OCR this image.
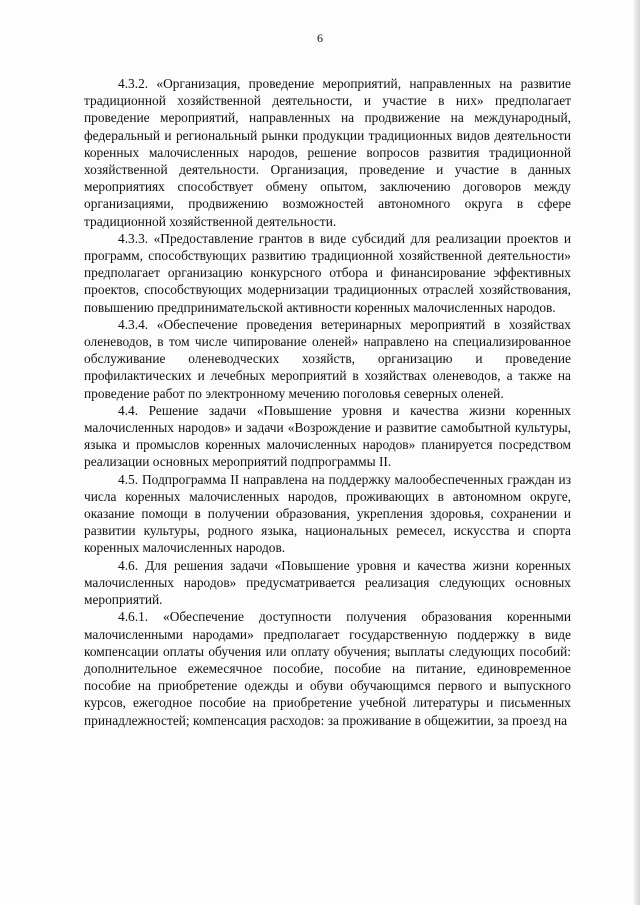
6

4.3.2. «Организация, проведение мероприятий, направленных на развитие традиционной хозяйственной деятельности, и участие в них» предполагает проведение мероприятий, направленных на продвижение на международный, федеральный и региональный рынки продукции традиционных видов деятельности коренных малочисленных народов, решение вопросов развития традиционной хозяйственной деятельности. Организация, проведение и участие в данных мероприятиях способствует обмену опытом, заключению договоров между организациями, продвижению возможностей автономного округа в сфере традиционной хозяйственной деятельности.

4.3.3. «Предоставление грантов в виде субсидий для реализации проектов и программ, способствующих развитию традиционной хозяйственной деятельности» предполагает организацию конкурсного отбора и финансирование эффективных проектов, способствующих модернизации традиционных отраслей хозяйствования, повышению предпринимательской активности коренных малочисленных народов.

4.3.4. «Обеспечение проведения ветеринарных мероприятий в хозяйствах оленеводов, в том числе чипирование оленей» направлено на специализированное обслуживание оленеводческих хозяйств, организацию и проведение профилактических и лечебных мероприятий в хозяйствах оленеводов, а также на проведение работ по электронному мечению поголовья северных оленей.

4.4. Решение задачи «Повышение уровня и качества жизни коренных малочисленных народов» и задачи «Возрождение и развитие самобытной культуры, языка и промыслов коренных малочисленных народов» планируется посредством реализации основных мероприятий подпрограммы II.

4.5. Подпрограмма II направлена на поддержку малообеспеченных граждан из числа коренных малочисленных народов, проживающих в автономном округе, оказание помощи в получении образования, укрепления здоровья, сохранении и развитии культуры, родного языка, национальных ремесел, искусства и спорта коренных малочисленных народов.

4.6. Для решения задачи «Повышение уровня и качества жизни коренных малочисленных народов» предусматривается реализация следующих основных мероприятий.

4.6.1. «Обеспечение доступности получения образования коренными малочисленными народами» предполагает государственную поддержку в виде компенсации оплаты обучения или оплату обучения; выплаты следующих пособий: дополнительное ежемесячное пособие, пособие на питание, единовременное пособие на приобретение одежды и обуви обучающимся первого и выпускного курсов, ежегодное пособие на приобретение учебной литературы и письменных принадлежностей; компенсация расходов: за проживание в общежитии, за проезд на
